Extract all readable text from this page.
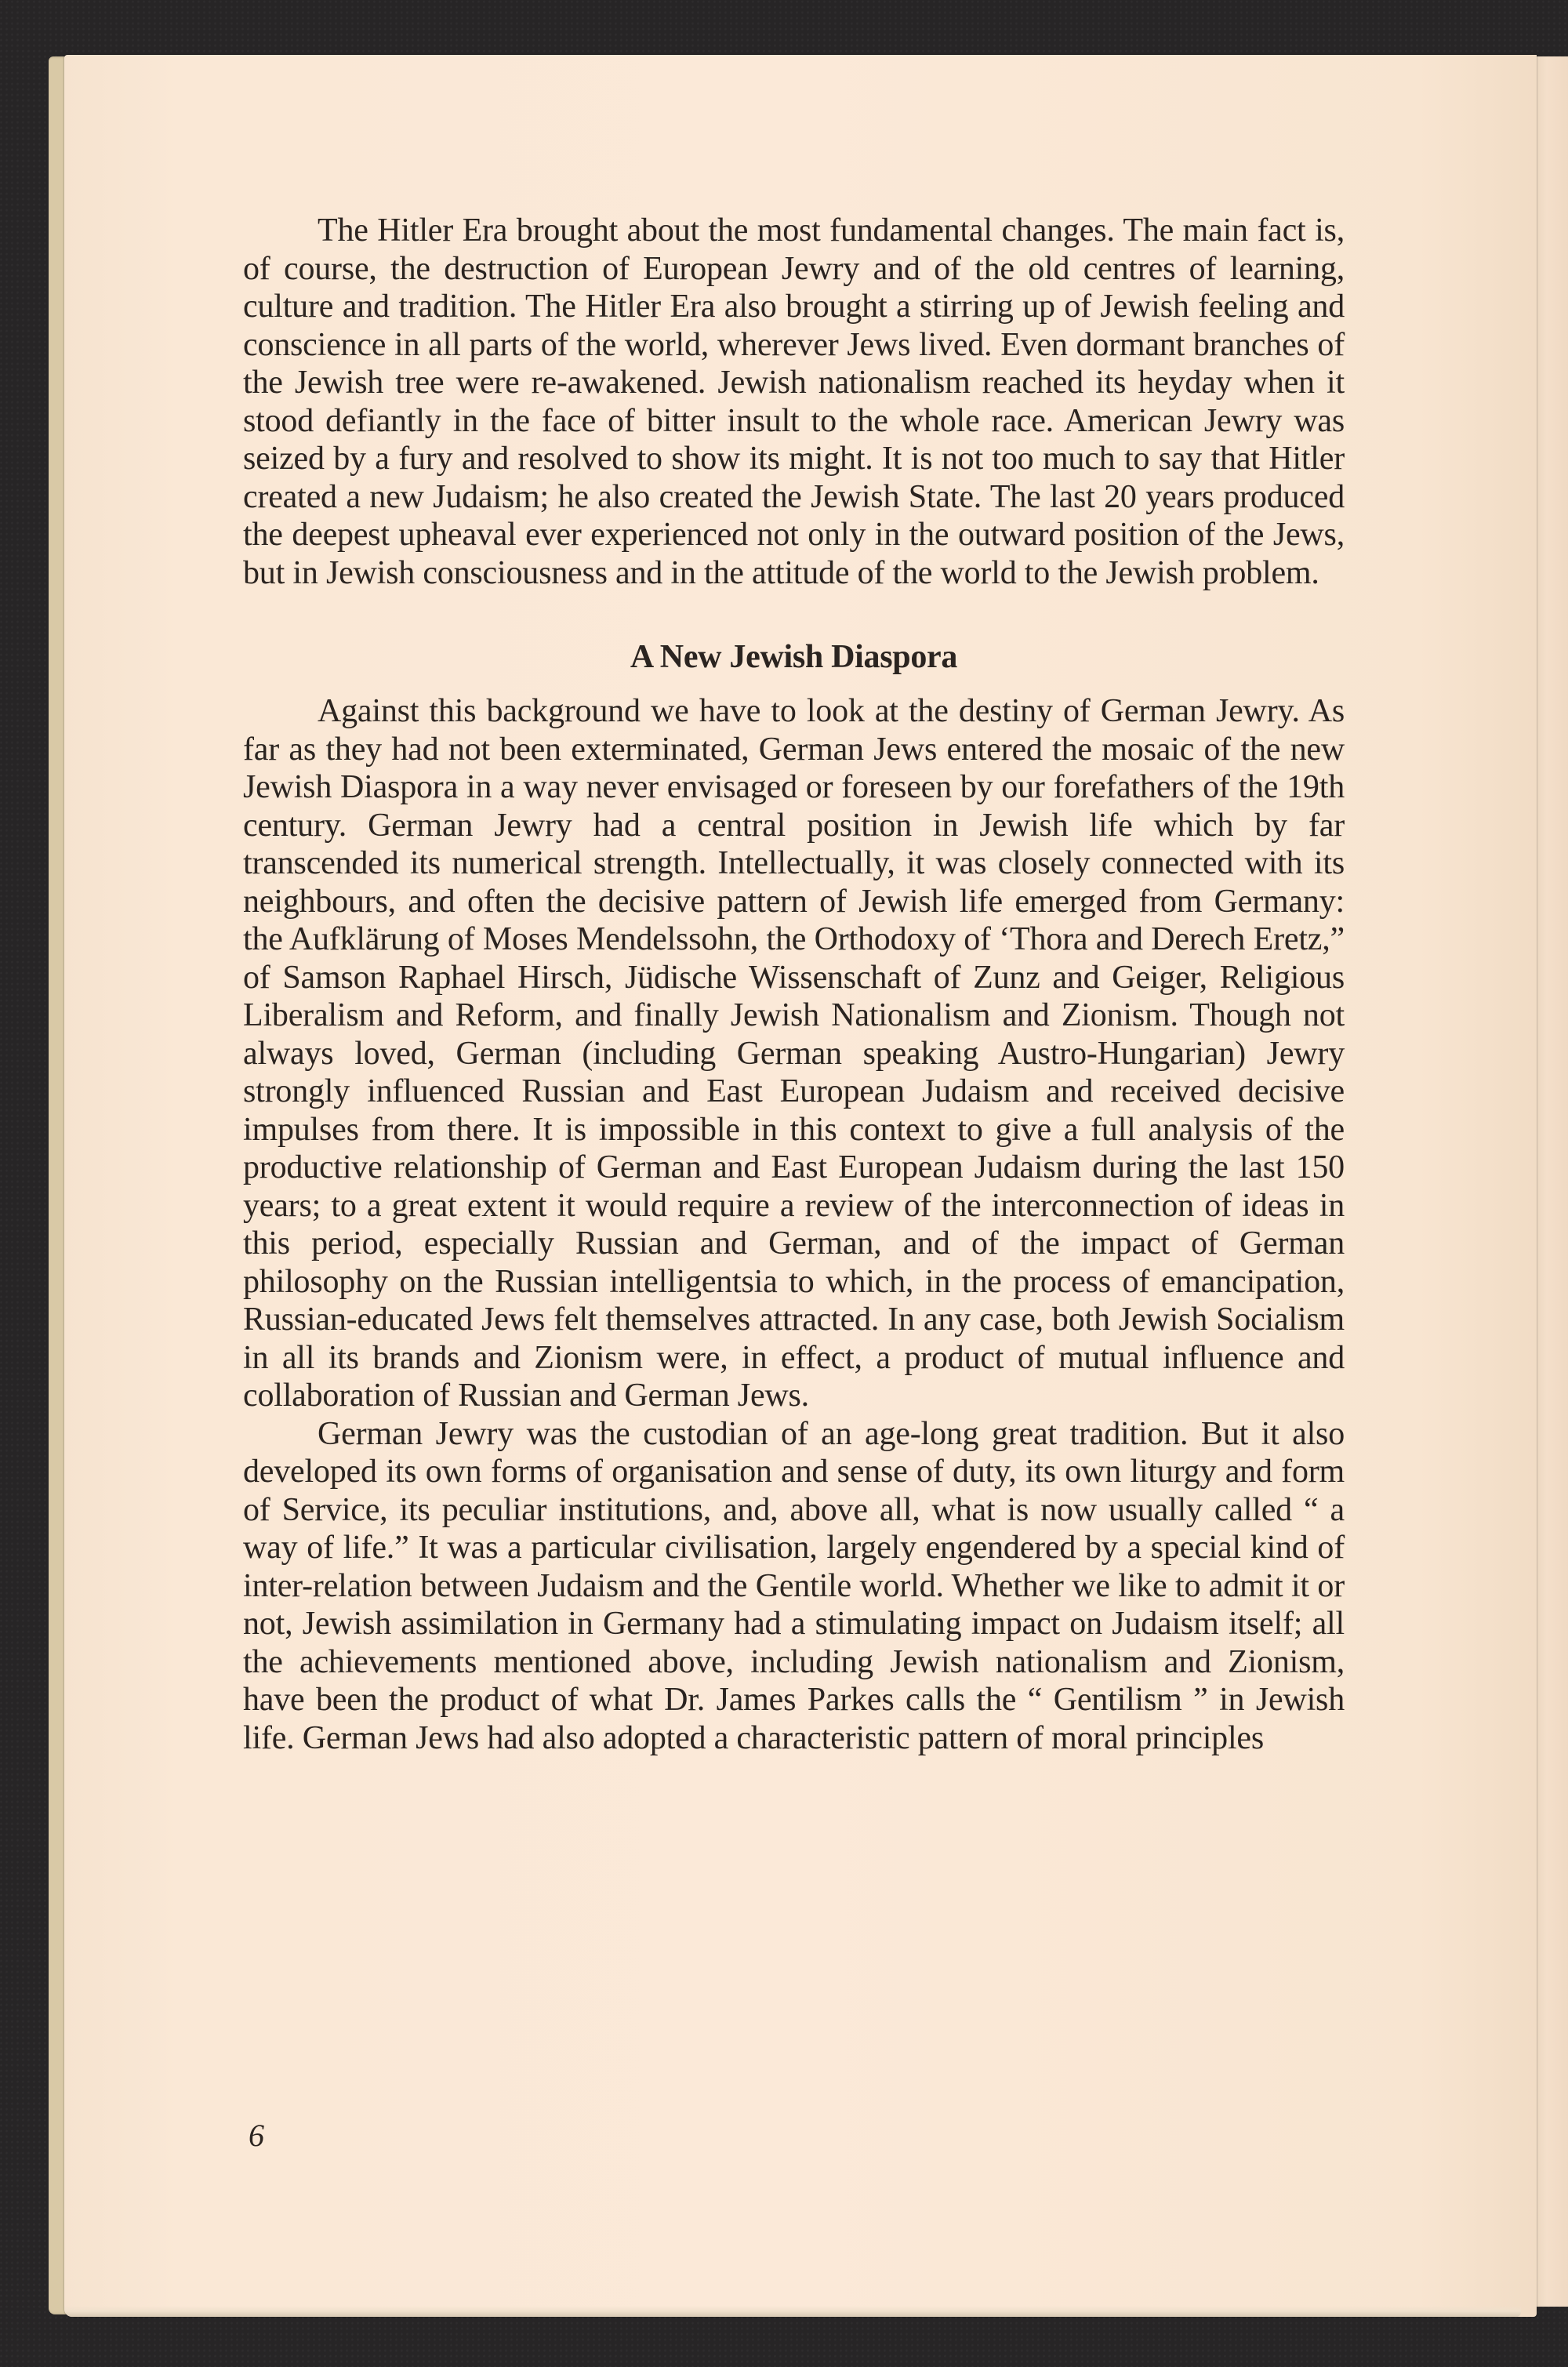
The Hitler Era brought about the most fundamental changes. The main fact is, of course, the destruction of European Jewry and of the old centres of learning, culture and tradition. The Hitler Era also brought a stirring up of Jewish feeling and conscience in all parts of the world, wherever Jews lived. Even dormant branches of the Jewish tree were re-awakened. Jewish nationalism reached its heyday when it stood defiantly in the face of bitter insult to the whole race. American Jewry was seized by a fury and resolved to show its might. It is not too much to say that Hitler created a new Judaism; he also created the Jewish State. The last 20 years produced the deepest upheaval ever experienced not only in the outward position of the Jews, but in Jewish consciousness and in the attitude of the world to the Jewish problem.

A New Jewish Diaspora

Against this background we have to look at the destiny of German Jewry. As far as they had not been exterminated, German Jews entered the mosaic of the new Jewish Diaspora in a way never envisaged or foreseen by our forefathers of the 19th century. German Jewry had a central position in Jewish life which by far transcended its numerical strength. Intellectually, it was closely connected with its neighbours, and often the decisive pattern of Jewish life emerged from Germany: the Aufklärung of Moses Mendelssohn, the Orthodoxy of ‘Thora and Derech Eretz,” of Samson Raphael Hirsch, Jüdische Wissenschaft of Zunz and Geiger, Religious Liberalism and Reform, and finally Jewish Nationalism and Zionism. Though not always loved, German (including German speaking Austro-Hungarian) Jewry strongly influenced Russian and East European Judaism and received decisive impulses from there. It is impossible in this context to give a full analysis of the productive relationship of German and East European Judaism during the last 150 years; to a great extent it would require a review of the interconnection of ideas in this period, especially Russian and German, and of the impact of German philosophy on the Russian intelligentsia to which, in the process of emancipation, Russian-educated Jews felt themselves attracted. In any case, both Jewish Socialism in all its brands and Zionism were, in effect, a product of mutual influence and collaboration of Russian and German Jews.

German Jewry was the custodian of an age-long great tradition. But it also developed its own forms of organisation and sense of duty, its own liturgy and form of Service, its peculiar institutions, and, above all, what is now usually called “ a way of life.” It was a particular civilisation, largely engendered by a special kind of inter-relation between Judaism and the Gentile world. Whether we like to admit it or not, Jewish assimilation in Germany had a stimulating impact on Judaism itself; all the achievements mentioned above, including Jewish nationalism and Zionism, have been the product of what Dr. James Parkes calls the “ Gentilism ” in Jewish life. German Jews had also adopted a characteristic pattern of moral principles

6
